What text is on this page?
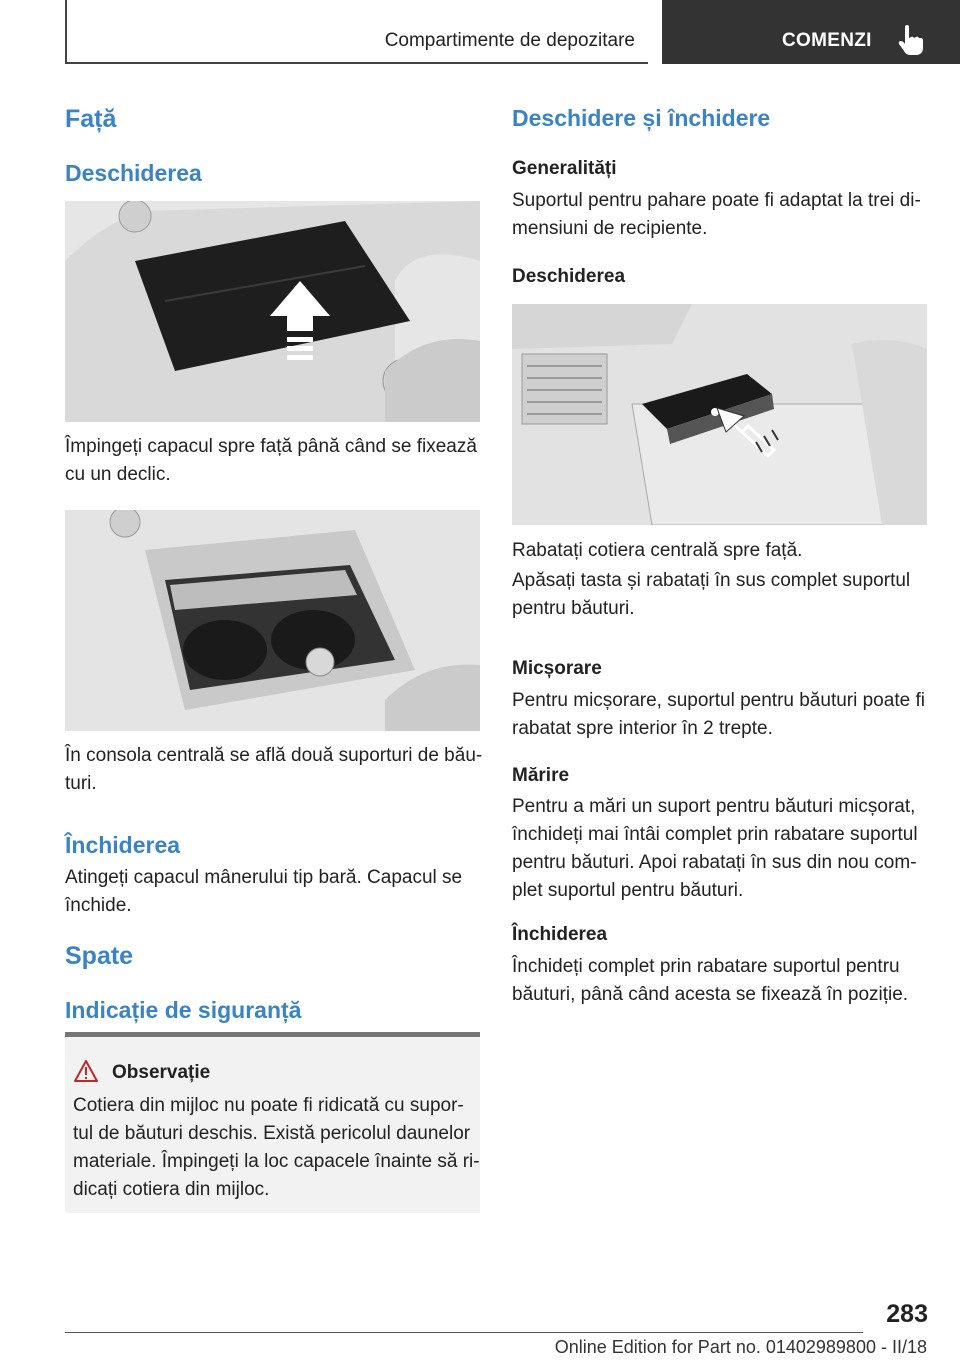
Compartimente de depozitare	COMENZI
Față
Deschiderea

Împingeți capacul spre față până când se fixează
cu un declic.

În consola centrală se află două suporturi de bău-
turi.

Închiderea

Atingeți capacul mânerului tip bară. Capacul se
închide.

Spate
Indicație de siguranță
Observație

Cotiera din mijloc nu poate fi ridicată cu supor-
tul de băuturi deschis. Există pericolul daunelor
materiale. Împingeți la loc capacele înainte să ri-
dicați cotiera din mijloc.

Deschidere și închidere
Generalități

Suportul pentru pahare poate fi adaptat la trei di-
mensiuni de recipiente.

Deschiderea

Rabatați cotiera centrală spre față.

Apăsați tasta și rabatați în sus complet suportul
pentru băuturi.

Micșorare

Pentru micșorare, suportul pentru băuturi poate fi
rabatat spre interior în 2 trepte.

Mărire

Pentru a mări un suport pentru băuturi micșorat,
închideți mai întâi complet prin rabatare suportul
pentru băuturi. Apoi rabatați în sus din nou com-
plet suportul pentru băuturi.

Închiderea

Închideți complet prin rabatare suportul pentru
băuturi, până când acesta se fixează în poziție.

283
Online Edition for Part no. 01402989800 - II/18
